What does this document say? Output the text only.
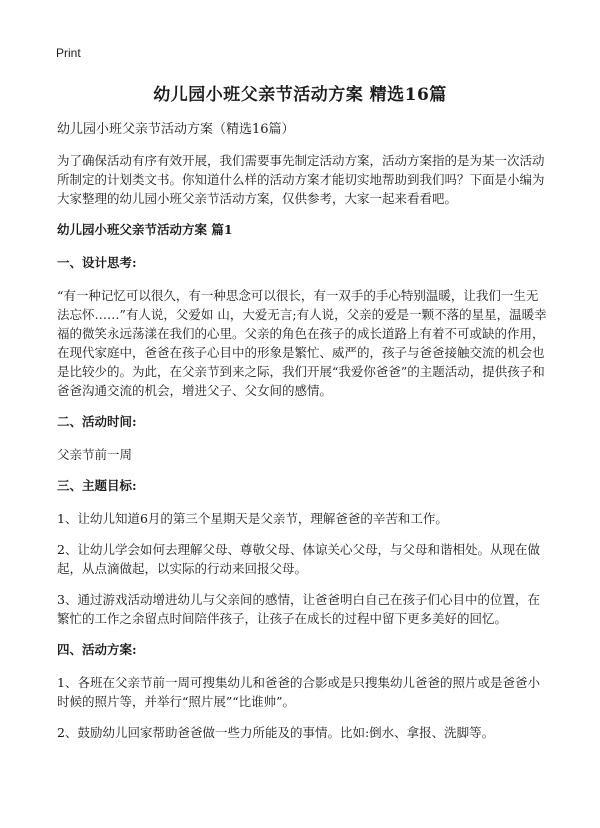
Print
幼儿园小班父亲节活动方案 精选16篇

幼儿园小班父亲节活动方案（精选16篇）

为了确保活动有序有效开展，我们需要事先制定活动方案，活动方案指的是为某一次活动所制定的计划类文书。你知道什么样的活动方案才能切实地帮助到我们吗？下面是小编为大家整理的幼儿园小班父亲节活动方案，仅供参考，大家一起来看看吧。

幼儿园小班父亲节活动方案 篇1

一、设计思考:

“有一种记忆可以很久，有一种思念可以很长，有一双手的手心特别温暖，让我们一生无法忘怀……”有人说，父爱如 山，大爱无言;有人说，父亲的爱是一颗不落的星星，温暖幸福的微笑永远荡漾在我们的心里。父亲的角色在孩子的成长道路上有着不可或缺的作用，在现代家庭中，爸爸在孩子心目中的形象是繁忙、威严的，孩子与爸爸接触交流的机会也是比较少的。为此，在父亲节到来之际，我们开展“我爱你爸爸”的主题活动，提供孩子和爸爸沟通交流的机会，增进父子、父女间的感情。

二、活动时间:

父亲节前一周

三、主题目标:

1、让幼儿知道6月的第三个星期天是父亲节，理解爸爸的辛苦和工作。

2、让幼儿学会如何去理解父母、尊敬父母、体谅关心父母，与父母和谐相处。从现在做起，从点滴做起，以实际的行动来回报父母。

3、通过游戏活动增进幼儿与父亲间的感情，让爸爸明白自己在孩子们心目中的位置，在繁忙的工作之余留点时间陪伴孩子，让孩子在成长的过程中留下更多美好的回忆。

四、活动方案:

1、各班在父亲节前一周可搜集幼儿和爸爸的合影或是只搜集幼儿爸爸的照片或是爸爸小时候的照片等，并举行“照片展”“比谁帅”。

2、鼓励幼儿回家帮助爸爸做一些力所能及的事情。比如:倒水、拿报、洗脚等。
